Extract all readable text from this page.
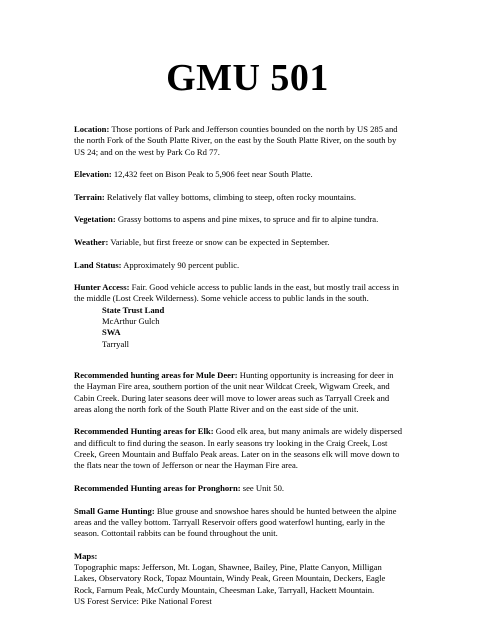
GMU 501

Location: Those portions of Park and Jefferson counties bounded on the north by US 285 and the north Fork of the South Platte River, on the east by the South Platte River, on the south by US 24; and on the west by Park Co Rd 77.

Elevation: 12,432 feet on Bison Peak to 5,906 feet near South Platte.

Terrain: Relatively flat valley bottoms, climbing to steep, often rocky mountains.

Vegetation: Grassy bottoms to aspens and pine mixes, to spruce and fir to alpine tundra.

Weather: Variable, but first freeze or snow can be expected in September.

Land Status: Approximately 90 percent public.

Hunter Access: Fair. Good vehicle access to public lands in the east, but mostly trail access in the middle (Lost Creek Wilderness). Some vehicle access to public lands in the south.
State Trust Land
McArthur Gulch
SWA
Tarryall

Recommended hunting areas for Mule Deer: Hunting opportunity is increasing for deer in the Hayman Fire area, southern portion of the unit near Wildcat Creek, Wigwam Creek, and Cabin Creek. During later seasons deer will move to lower areas such as Tarryall Creek and areas along the north fork of the South Platte River and on the east side of the unit.

Recommended Hunting areas for Elk: Good elk area, but many animals are widely dispersed and difficult to find during the season. In early seasons try looking in the Craig Creek, Lost Creek, Green Mountain and Buffalo Peak areas. Later on in the seasons elk will move down to the flats near the town of Jefferson or near the Hayman Fire area.

Recommended Hunting areas for Pronghorn: see Unit 50.

Small Game Hunting: Blue grouse and snowshoe hares should be hunted between the alpine areas and the valley bottom. Tarryall Reservoir offers good waterfowl hunting, early in the season. Cottontail rabbits can be found throughout the unit.

Maps:
Topographic maps: Jefferson, Mt. Logan, Shawnee, Bailey, Pine, Platte Canyon, Milligan Lakes, Observatory Rock, Topaz Mountain, Windy Peak, Green Mountain, Deckers, Eagle Rock, Farnum Peak, McCurdy Mountain, Cheesman Lake, Tarryall, Hackett Mountain.
US Forest Service: Pike National Forest
